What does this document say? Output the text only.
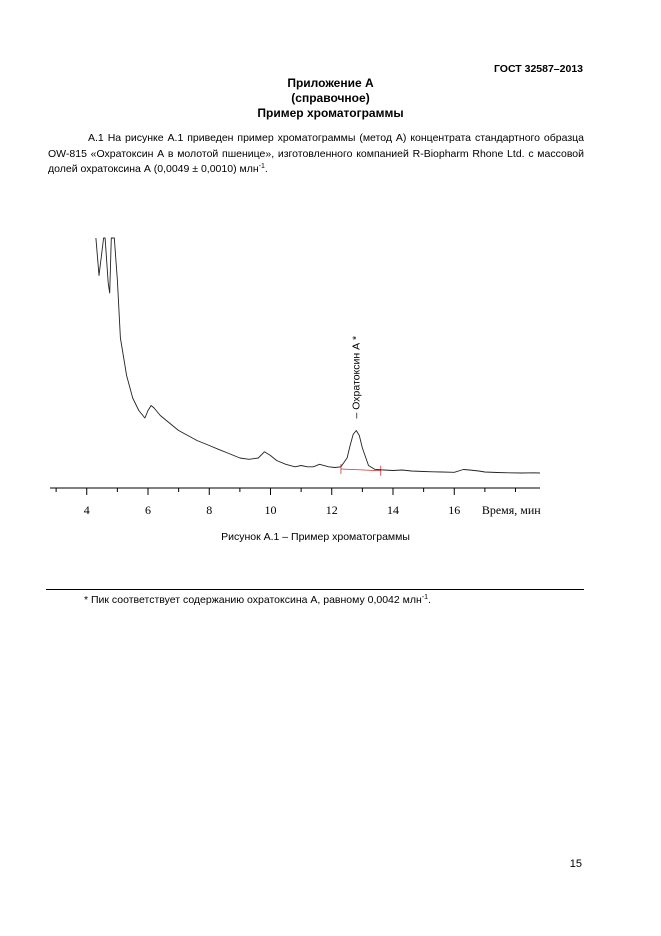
ГОСТ 32587–2013
Приложение А
(справочное)
Пример хроматограммы
А.1 На рисунке А.1 приведен пример хроматограммы (метод А) концентрата стандартного образца OW-815 «Охратоксин А в молотой пшенице», изготовленного компанией R-Biopharm Rhone Ltd. с массовой долей охратоксина А (0,0049 ± 0,0010) млн$^{-1}$.
4	6	8	10	12	14	16 Время, мин
– Охратоксин А *
Рисунок А.1 – Пример хроматограммы
* Пик соответствует содержанию охратоксина А, равному 0,0042 млн$^{-1}$.
15
